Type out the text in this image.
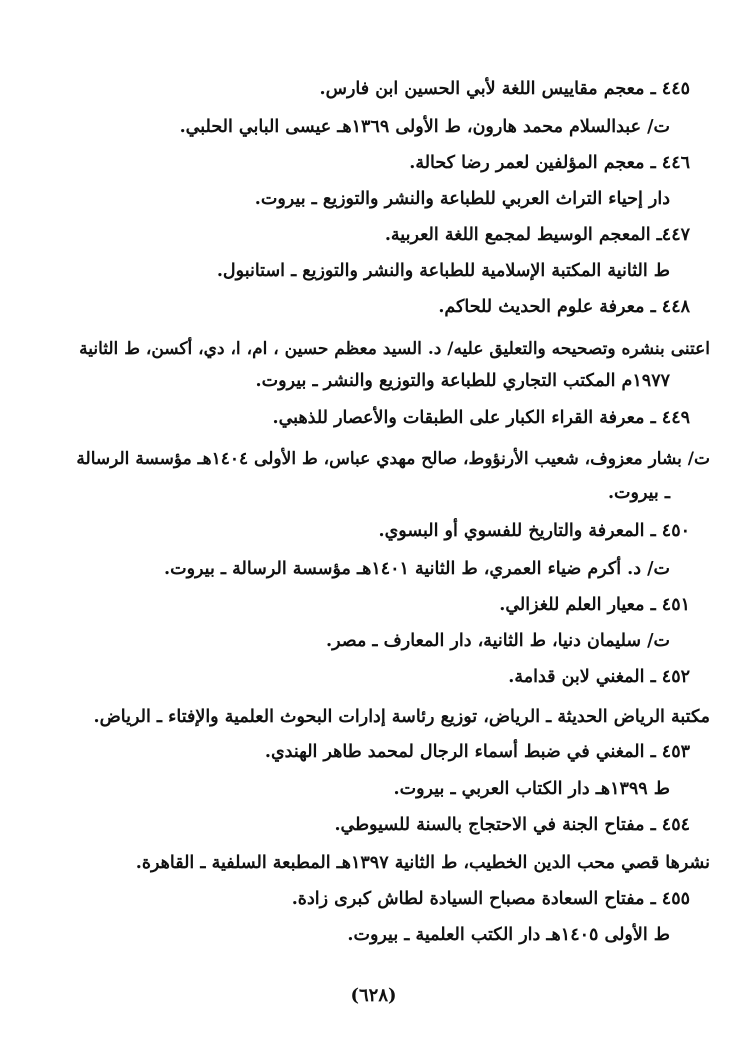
٤٤٥ ـ معجم مقاييس اللغة لأبي الحسين ابن فارس.
ت/ عبدالسلام محمد هارون، ط الأولى ١٣٦٩هـ عيسى البابي الحلبي.
٤٤٦ ـ معجم المؤلفين لعمر رضا كحالة.
دار إحياء التراث العربي للطباعة والنشر والتوزيع ـ بيروت.
٤٤٧ـ المعجم الوسيط لمجمع اللغة العربية.
ط الثانية المكتبة الإسلامية للطباعة والنشر والتوزيع ـ استانبول.
٤٤٨ ـ معرفة علوم الحديث للحاكم.
اعتنى بنشره وتصحيحه والتعليق عليه/ د. السيد معظم حسين ، ام، ا، دي، أكسن، ط الثانية
١٩٧٧م المكتب التجاري للطباعة والتوزيع والنشر ـ بيروت.
٤٤٩ ـ معرفة القراء الكبار على الطبقات والأعصار للذهبي.
ت/ بشار معزوف، شعيب الأرنؤوط، صالح مهدي عباس، ط الأولى ١٤٠٤هـ مؤسسة الرسالة
ـ بيروت.
٤٥٠ ـ المعرفة والتاريخ للفسوي أو البسوي.
ت/ د. أكرم ضياء العمري، ط الثانية ١٤٠١هـ مؤسسة الرسالة ـ بيروت.
٤٥١ ـ معيار العلم للغزالي.
ت/ سليمان دنيا، ط الثانية، دار المعارف ـ مصر.
٤٥٢ ـ المغني لابن قدامة.
مكتبة الرياض الحديثة ـ الرياض، توزيع رئاسة إدارات البحوث العلمية والإفتاء ـ الرياض.
٤٥٣ ـ المغني في ضبط أسماء الرجال لمحمد طاهر الهندي.
ط ١٣٩٩هـ دار الكتاب العربي ـ بيروت.
٤٥٤ ـ مفتاح الجنة في الاحتجاج بالسنة للسيوطي.
نشرها قصي محب الدين الخطيب، ط الثانية ١٣٩٧هـ المطبعة السلفية ـ القاهرة.
٤٥٥ ـ مفتاح السعادة مصباح السيادة لطاش كبرى زادة.
ط الأولى ١٤٠٥هـ دار الكتب العلمية ـ بيروت.
(٦٢٨)
